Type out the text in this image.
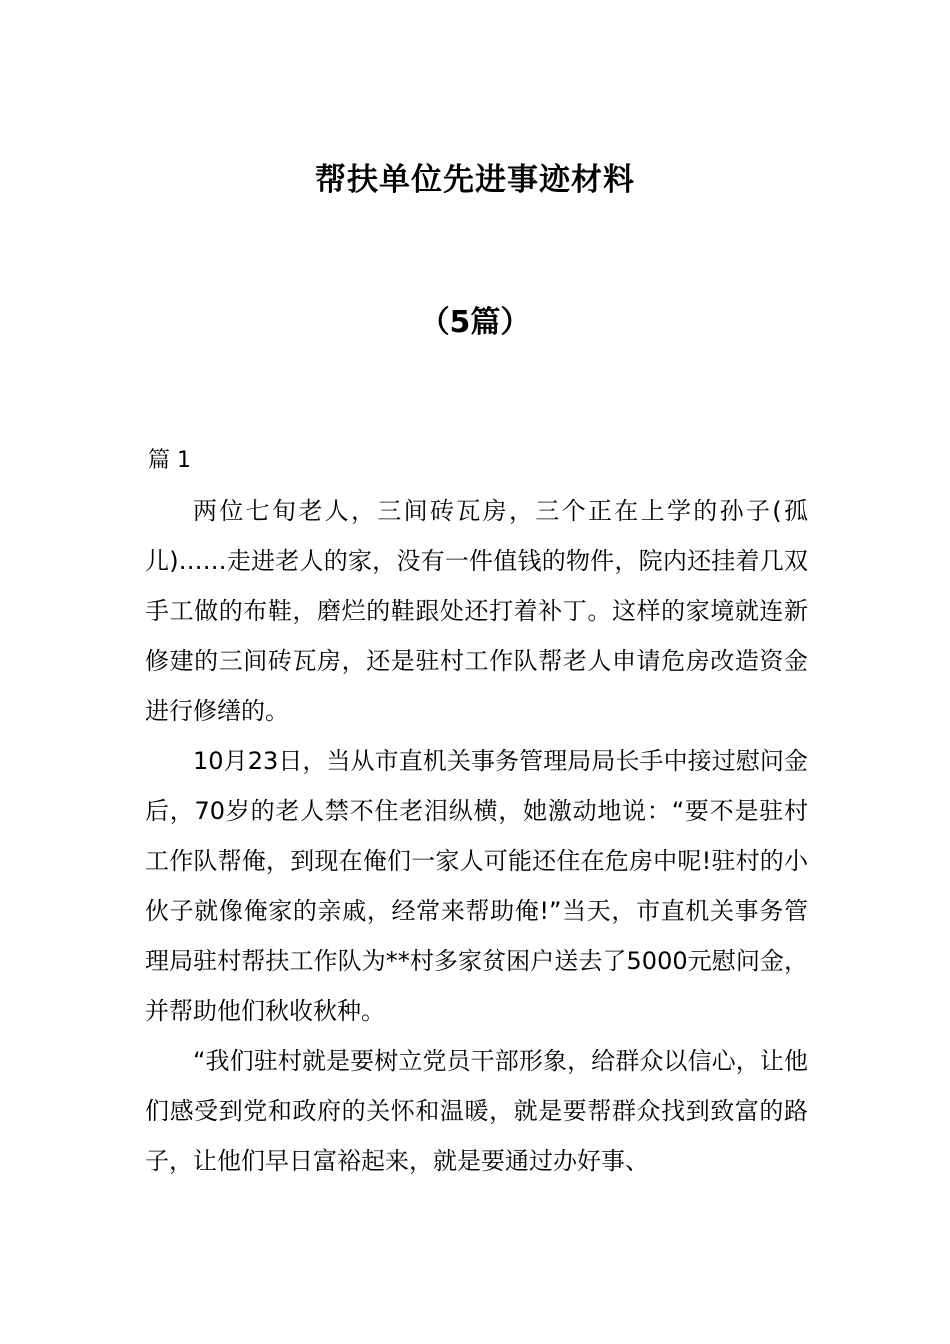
帮扶单位先进事迹材料
（5篇）
篇 1

两位七旬老人，三间砖瓦房，三个正在上学的孙子(孤儿)……走进老人的家，没有一件值钱的物件，院内还挂着几双手工做的布鞋，磨烂的鞋跟处还打着补丁。这样的家境就连新修建的三间砖瓦房，还是驻村工作队帮老人申请危房改造资金进行修缮的。

10月23日，当从市直机关事务管理局局长手中接过慰问金后，70岁的老人禁不住老泪纵横，她激动地说：“要不是驻村工作队帮俺，到现在俺们一家人可能还住在危房中呢!驻村的小伙子就像俺家的亲戚，经常来帮助俺!”当天，市直机关事务管理局驻村帮扶工作队为**村多家贫困户送去了5000元慰问金，并帮助他们秋收秋种。

“我们驻村就是要树立党员干部形象，给群众以信心，让他们感受到党和政府的关怀和温暖，就是要帮群众找到致富的路子，让他们早日富裕起来，就是要通过办好事、
